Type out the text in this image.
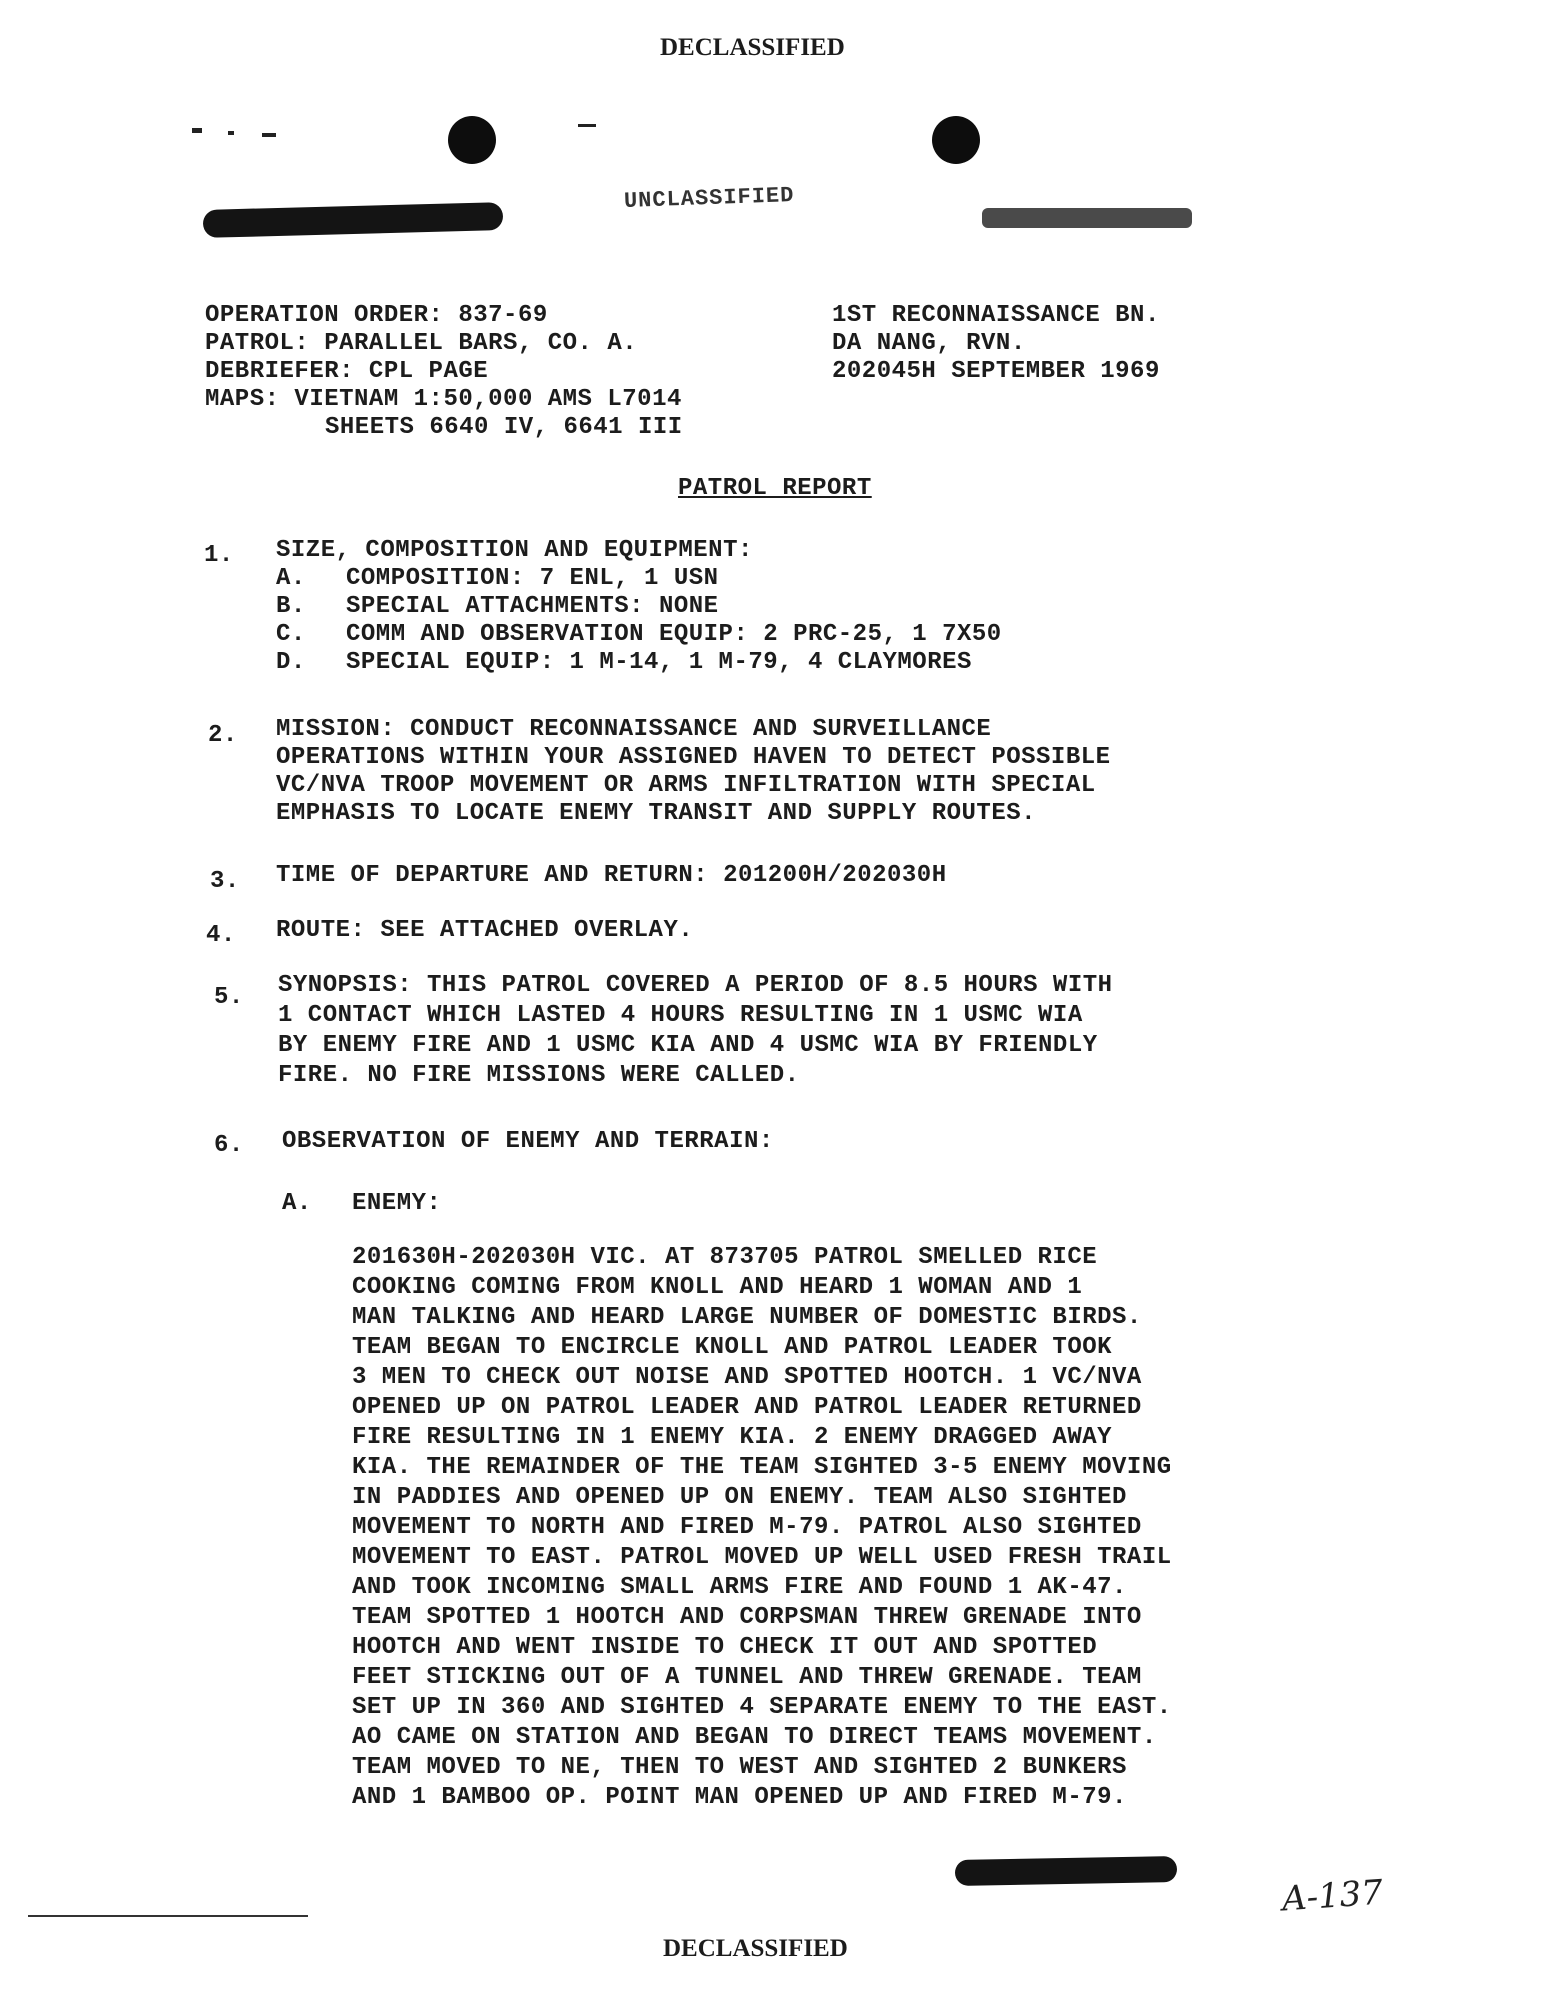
DECLASSIFIED
UNCLASSIFIED
OPERATION ORDER: 837-69
PATROL: PARALLEL BARS, CO. A.
DEBRIEFER: CPL PAGE
MAPS: VIETNAM 1:50,000 AMS L7014
SHEETS 6640 IV, 6641 III
1ST RECONNAISSANCE BN.
DA NANG, RVN.
202045H SEPTEMBER 1969
PATROL REPORT
1. SIZE, COMPOSITION AND EQUIPMENT:
A. COMPOSITION: 7 ENL, 1 USN
B. SPECIAL ATTACHMENTS: NONE
C. COMM AND OBSERVATION EQUIP: 2 PRC-25, 1 7X50
D. SPECIAL EQUIP: 1 M-14, 1 M-79, 4 CLAYMORES
2. MISSION: CONDUCT RECONNAISSANCE AND SURVEILLANCE
OPERATIONS WITHIN YOUR ASSIGNED HAVEN TO DETECT POSSIBLE
VC/NVA TROOP MOVEMENT OR ARMS INFILTRATION WITH SPECIAL
EMPHASIS TO LOCATE ENEMY TRANSIT AND SUPPLY ROUTES.
3. TIME OF DEPARTURE AND RETURN: 201200H/202030H
4. ROUTE: SEE ATTACHED OVERLAY.
5. SYNOPSIS: THIS PATROL COVERED A PERIOD OF 8.5 HOURS WITH
1 CONTACT WHICH LASTED 4 HOURS RESULTING IN 1 USMC WIA
BY ENEMY FIRE AND 1 USMC KIA AND 4 USMC WIA BY FRIENDLY
FIRE. NO FIRE MISSIONS WERE CALLED.
6. OBSERVATION OF ENEMY AND TERRAIN:
A. ENEMY:
201630H-202030H VIC. AT 873705 PATROL SMELLED RICE
COOKING COMING FROM KNOLL AND HEARD 1 WOMAN AND 1
MAN TALKING AND HEARD LARGE NUMBER OF DOMESTIC BIRDS.
TEAM BEGAN TO ENCIRCLE KNOLL AND PATROL LEADER TOOK
3 MEN TO CHECK OUT NOISE AND SPOTTED HOOTCH. 1 VC/NVA
OPENED UP ON PATROL LEADER AND PATROL LEADER RETURNED
FIRE RESULTING IN 1 ENEMY KIA. 2 ENEMY DRAGGED AWAY
KIA. THE REMAINDER OF THE TEAM SIGHTED 3-5 ENEMY MOVING
IN PADDIES AND OPENED UP ON ENEMY. TEAM ALSO SIGHTED
MOVEMENT TO NORTH AND FIRED M-79. PATROL ALSO SIGHTED
MOVEMENT TO EAST. PATROL MOVED UP WELL USED FRESH TRAIL
AND TOOK INCOMING SMALL ARMS FIRE AND FOUND 1 AK-47.
TEAM SPOTTED 1 HOOTCH AND CORPSMAN THREW GRENADE INTO
HOOTCH AND WENT INSIDE TO CHECK IT OUT AND SPOTTED
FEET STICKING OUT OF A TUNNEL AND THREW GRENADE. TEAM
SET UP IN 360 AND SIGHTED 4 SEPARATE ENEMY TO THE EAST.
AO CAME ON STATION AND BEGAN TO DIRECT TEAMS MOVEMENT.
TEAM MOVED TO NE, THEN TO WEST AND SIGHTED 2 BUNKERS
AND 1 BAMBOO OP. POINT MAN OPENED UP AND FIRED M-79.
A-137
DECLASSIFIED
